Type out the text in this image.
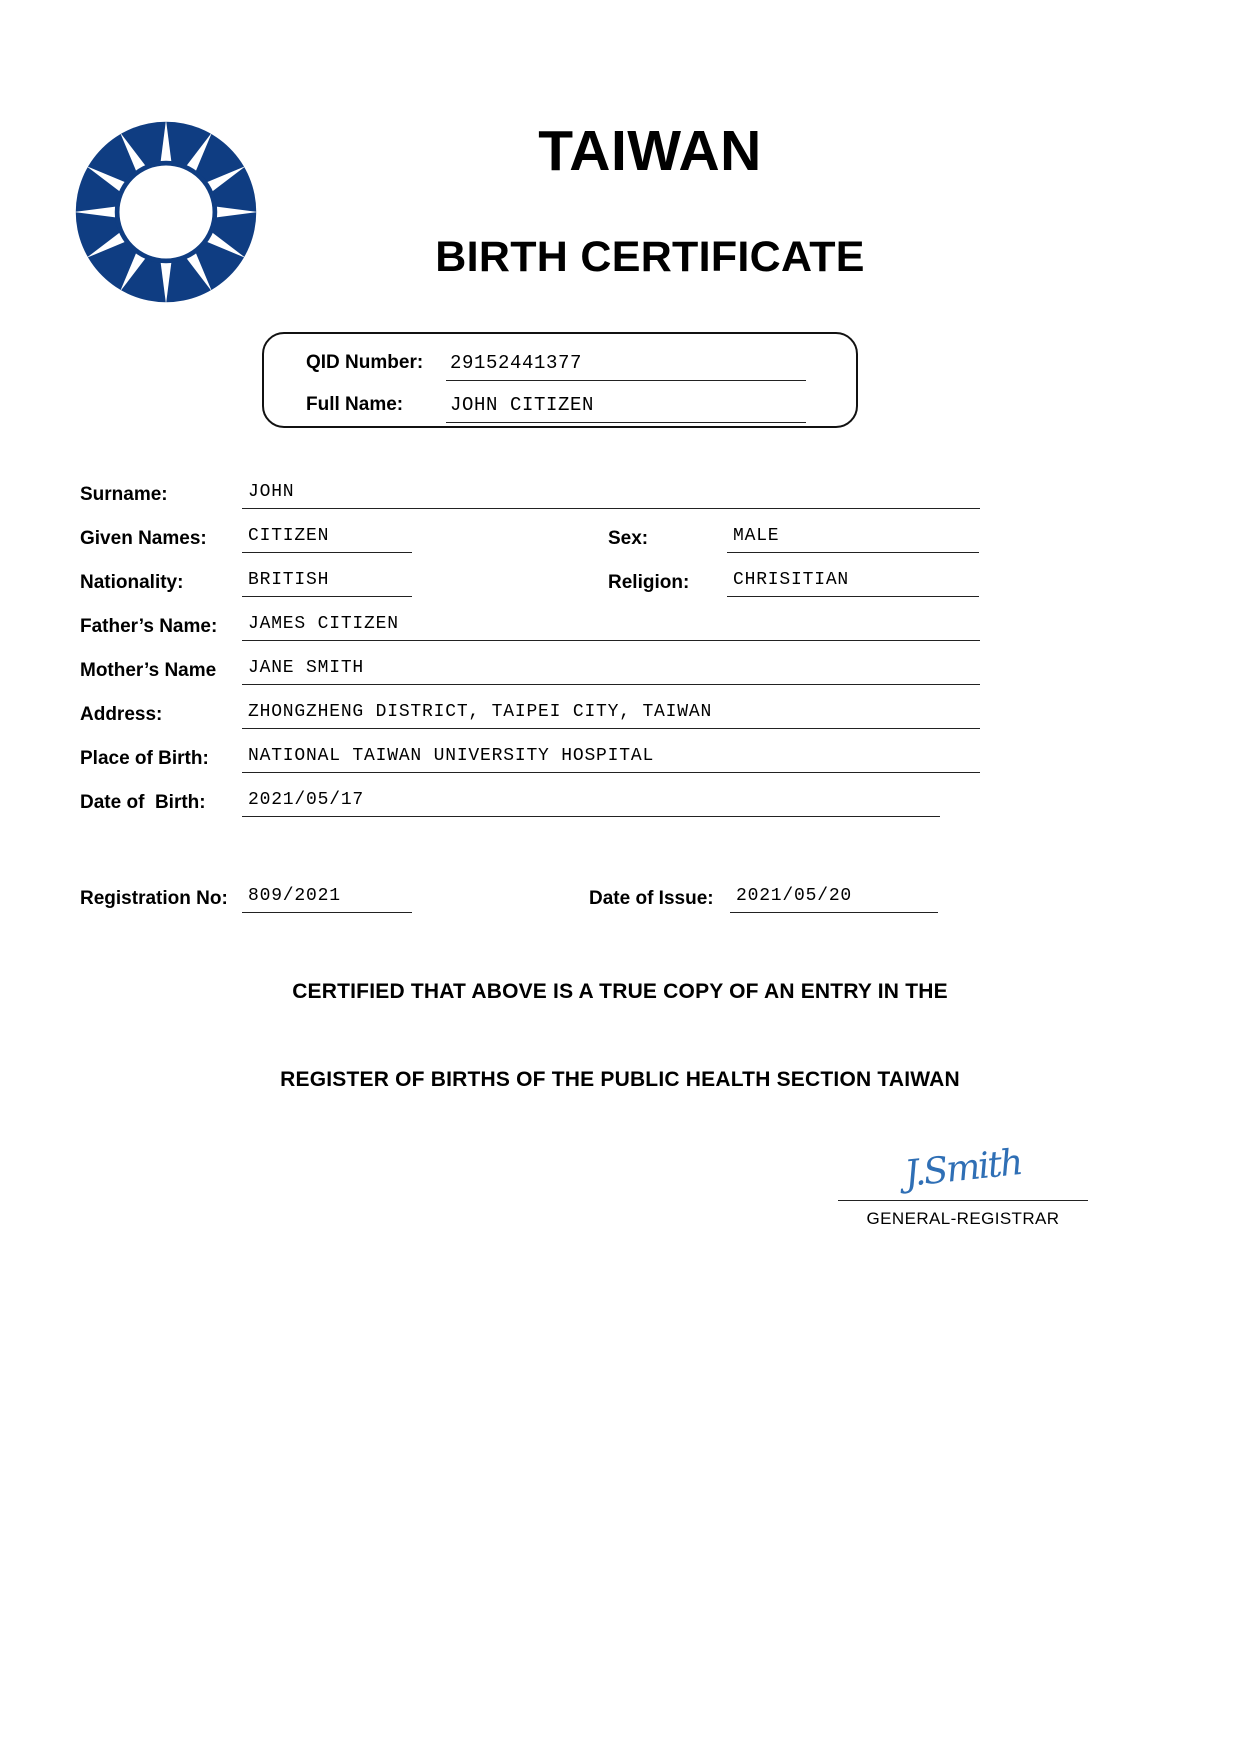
TAIWAN
BIRTH CERTIFICATE
QID Number: 29152441377
Full Name: JOHN CITIZEN
Surname:	JOHN
Given Names: CITIZEN	Sex:	MALE
Nationality:	BRITISH	Religion: CHRISITIAN
Father’s Name: JAMES CITIZEN
Mother’s Name JANE SMITH
Address:	ZHONGZHENG DISTRICT, TAIPEI CITY, TAIWAN
Place of Birth: NATIONAL TAIWAN UNIVERSITY HOSPITAL
Date of  Birth: 2021/05/17
Registration No: 809/2021	Date of Issue: 2021/05/20
CERTIFIED THAT ABOVE IS A TRUE COPY OF AN ENTRY IN THE
REGISTER OF BIRTHS OF THE PUBLIC HEALTH SECTION TAIWAN
J.Smith
GENERAL-REGISTRAR
